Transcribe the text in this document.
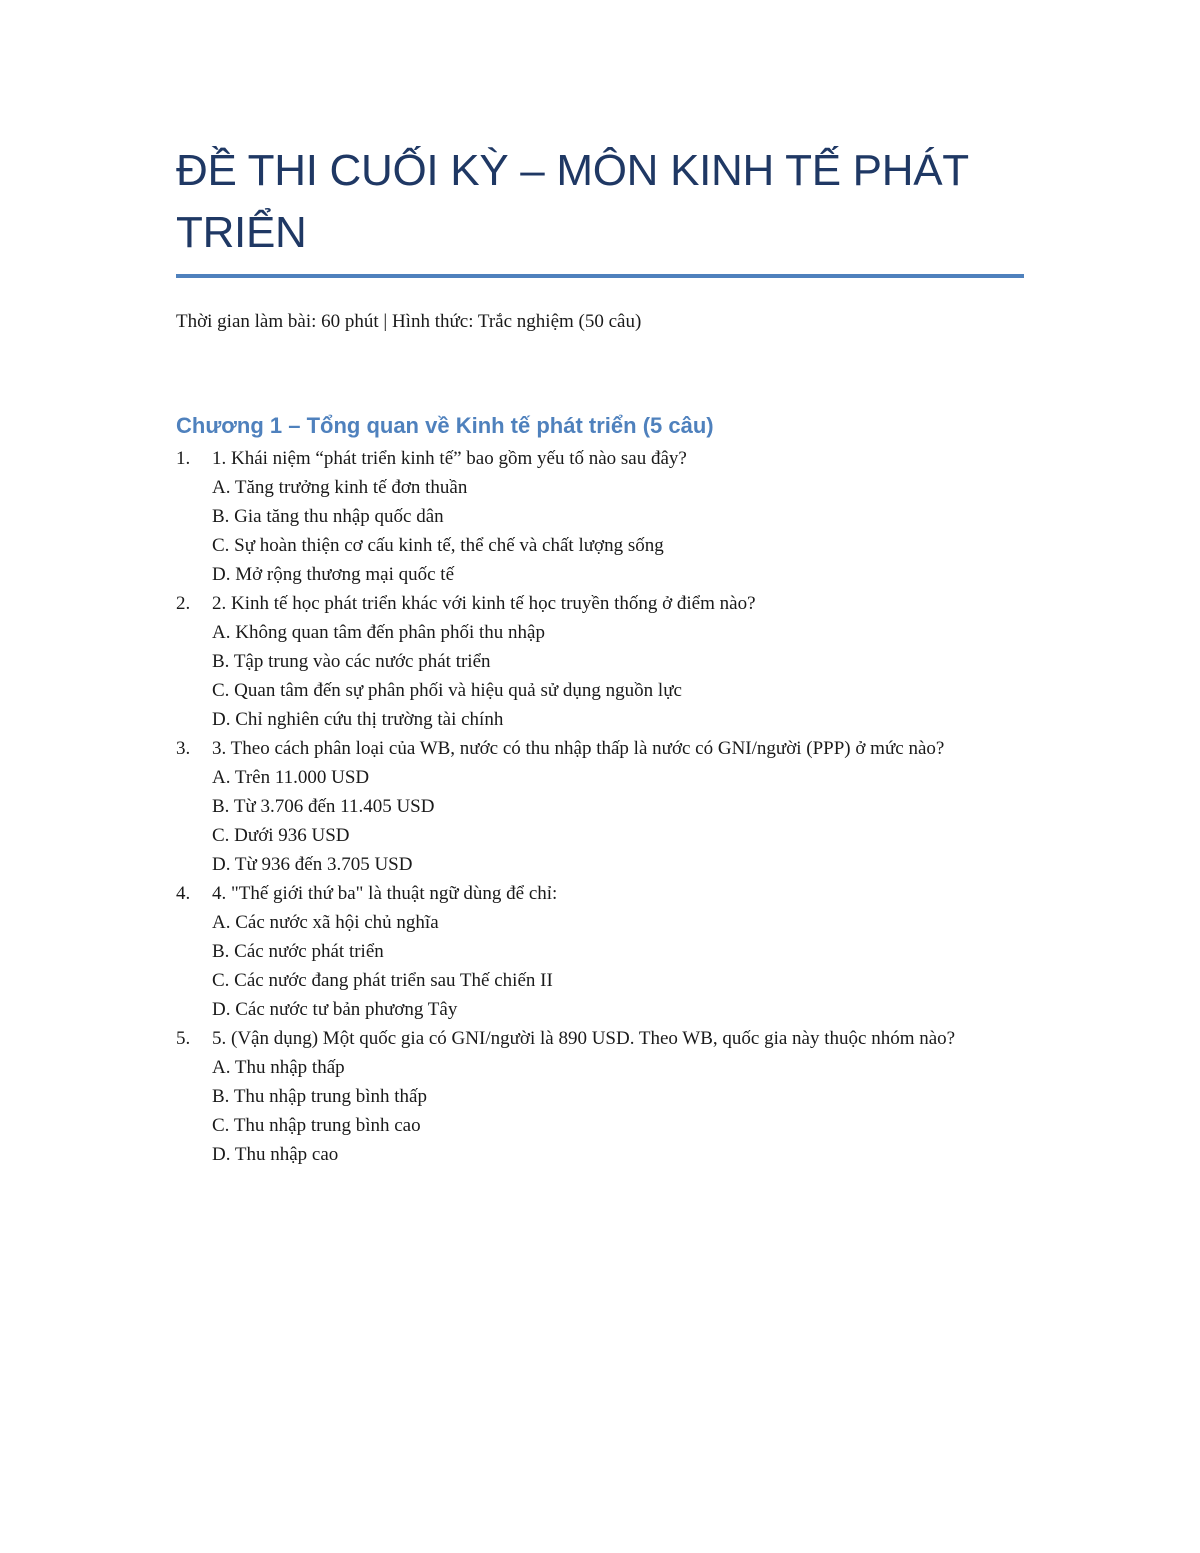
ĐỀ THI CUỐI KỲ – MÔN KINH TẾ PHÁT TRIỂN
Thời gian làm bài: 60 phút | Hình thức: Trắc nghiệm (50 câu)
Chương 1 – Tổng quan về Kinh tế phát triển (5 câu)
1. 1. Khái niệm “phát triển kinh tế” bao gồm yếu tố nào sau đây?
A. Tăng trưởng kinh tế đơn thuần
B. Gia tăng thu nhập quốc dân
C. Sự hoàn thiện cơ cấu kinh tế, thể chế và chất lượng sống
D. Mở rộng thương mại quốc tế
2. 2. Kinh tế học phát triển khác với kinh tế học truyền thống ở điểm nào?
A. Không quan tâm đến phân phối thu nhập
B. Tập trung vào các nước phát triển
C. Quan tâm đến sự phân phối và hiệu quả sử dụng nguồn lực
D. Chỉ nghiên cứu thị trường tài chính
3. 3. Theo cách phân loại của WB, nước có thu nhập thấp là nước có GNI/người (PPP) ở mức nào?
A. Trên 11.000 USD
B. Từ 3.706 đến 11.405 USD
C. Dưới 936 USD
D. Từ 936 đến 3.705 USD
4. 4. "Thế giới thứ ba" là thuật ngữ dùng để chỉ:
A. Các nước xã hội chủ nghĩa
B. Các nước phát triển
C. Các nước đang phát triển sau Thế chiến II
D. Các nước tư bản phương Tây
5. 5. (Vận dụng) Một quốc gia có GNI/người là 890 USD. Theo WB, quốc gia này thuộc nhóm nào?
A. Thu nhập thấp
B. Thu nhập trung bình thấp
C. Thu nhập trung bình cao
D. Thu nhập cao
